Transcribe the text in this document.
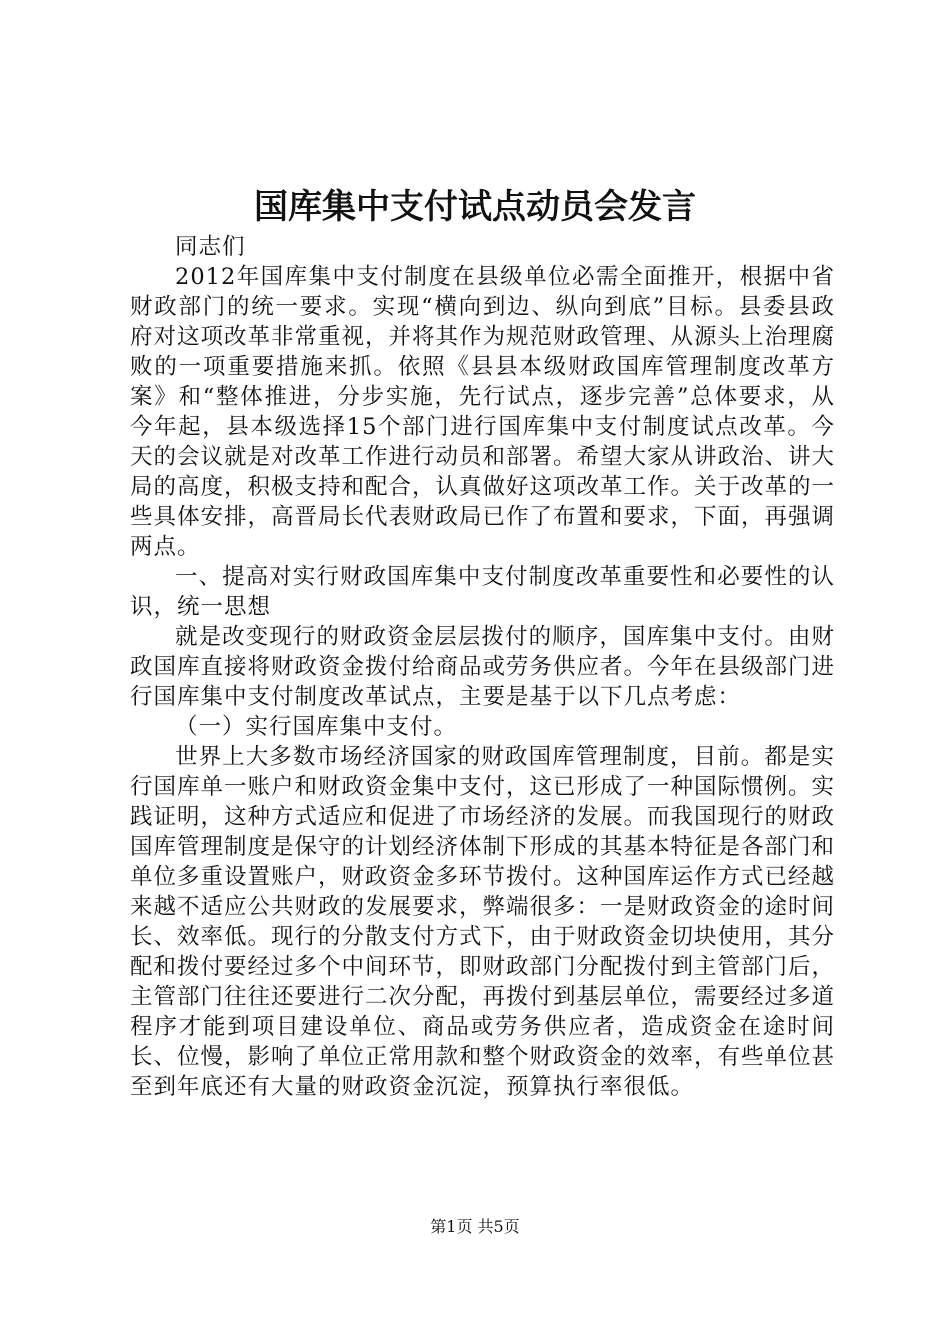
国库集中支付试点动员会发言

同志们

2012年国库集中支付制度在县级单位必需全面推开，根据中省财政部门的统一要求。实现“横向到边、纵向到底”目标。县委县政府对这项改革非常重视，并将其作为规范财政管理、从源头上治理腐败的一项重要措施来抓。依照《县县本级财政国库管理制度改革方案》和“整体推进，分步实施，先行试点，逐步完善”总体要求，从今年起，县本级选择15个部门进行国库集中支付制度试点改革。今天的会议就是对改革工作进行动员和部署。希望大家从讲政治、讲大局的高度，积极支持和配合，认真做好这项改革工作。关于改革的一些具体安排，高晋局长代表财政局已作了布置和要求，下面，再强调两点。

一、提高对实行财政国库集中支付制度改革重要性和必要性的认识，统一思想

就是改变现行的财政资金层层拨付的顺序，国库集中支付。由财政国库直接将财政资金拨付给商品或劳务供应者。今年在县级部门进行国库集中支付制度改革试点，主要是基于以下几点考虑：

（一）实行国库集中支付。

世界上大多数市场经济国家的财政国库管理制度，目前。都是实行国库单一账户和财政资金集中支付，这已形成了一种国际惯例。实践证明，这种方式适应和促进了市场经济的发展。而我国现行的财政国库管理制度是保守的计划经济体制下形成的其基本特征是各部门和单位多重设置账户，财政资金多环节拨付。这种国库运作方式已经越来越不适应公共财政的发展要求，弊端很多：一是财政资金的途时间长、效率低。现行的分散支付方式下，由于财政资金切块使用，其分配和拨付要经过多个中间环节，即财政部门分配拨付到主管部门后，主管部门往往还要进行二次分配，再拨付到基层单位，需要经过多道程序才能到项目建设单位、商品或劳务供应者，造成资金在途时间长、位慢，影响了单位正常用款和整个财政资金的效率，有些单位甚至到年底还有大量的财政资金沉淀，预算执行率很低。

第1页 共5页
